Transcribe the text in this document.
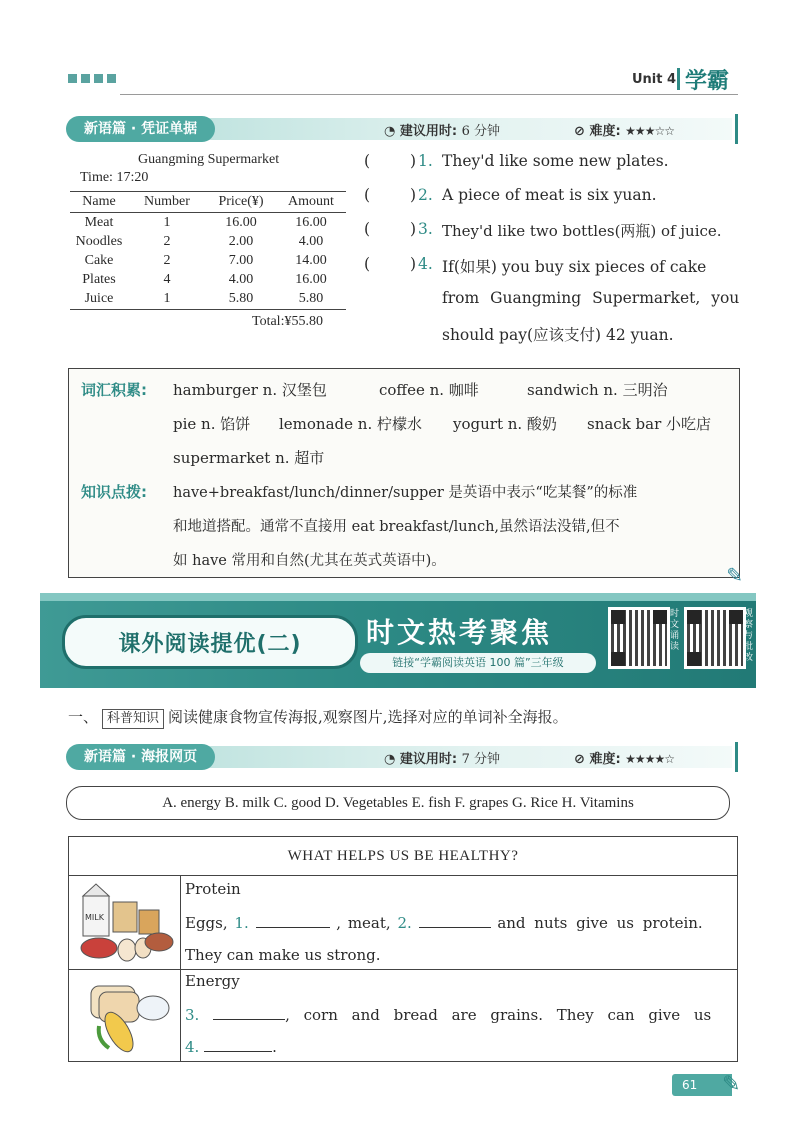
Unit 4 学霸
新语篇 · 凭证单据	◔ 建议用时: 6 分钟	⊘ 难度: ★★★☆☆
Guangming Supermarket
Time: 17:20
Name	Number	Price(¥)	Amount
Meat	1	16.00	16.00
Noodles	2	2.00	4.00
Cake	2	7.00	14.00
Plates	4	4.00	16.00
Juice	1	5.80	5.80
Total:¥55.80
(	) 1. They'd like some new plates.
(	) 2. A piece of meat is six yuan.
(	) 3. They'd like two bottles(两瓶) of juice.
(	) 4. If(如果) you buy six pieces of cake
from Guangming Supermarket, you
should pay(应该支付) 42 yuan.
词汇积累: hamburger n. 汉堡包	coffee n. 咖啡	sandwich n. 三明治
pie n. 馅饼 lemonade n. 柠檬水 yogurt n. 酸奶 snack bar 小吃店
supermarket n. 超市
知识点拨: have+breakfast/lunch/dinner/supper 是英语中表示“吃某餐”的标准
和地道搭配。通常不直接用 eat breakfast/lunch,虽然语法没错,但不
如 have 常用和自然(尤其在英式英语中)。
✎
课外阅读提优(二)	时文热考聚焦
链接“学霸阅读英语 100 篇”三年级
时文诵读
观察与批改
一、 科普知识 阅读健康食物宣传海报,观察图片,选择对应的单词补全海报。
新语篇 · 海报网页	◔ 建议用时: 7 分钟	⊘ 难度: ★★★★☆
A. energy B. milk C. good D. Vegetables E. fish F. grapes G. Rice H. Vitamins
WHAT HELPS US BE HEALTHY?
MILK
Protein
Eggs, 1.	, meat, 2.	and nuts give us protein.
They can make us strong.
Energy
3.	, corn and bread are grains. They can give us
4.	.
61	✎
